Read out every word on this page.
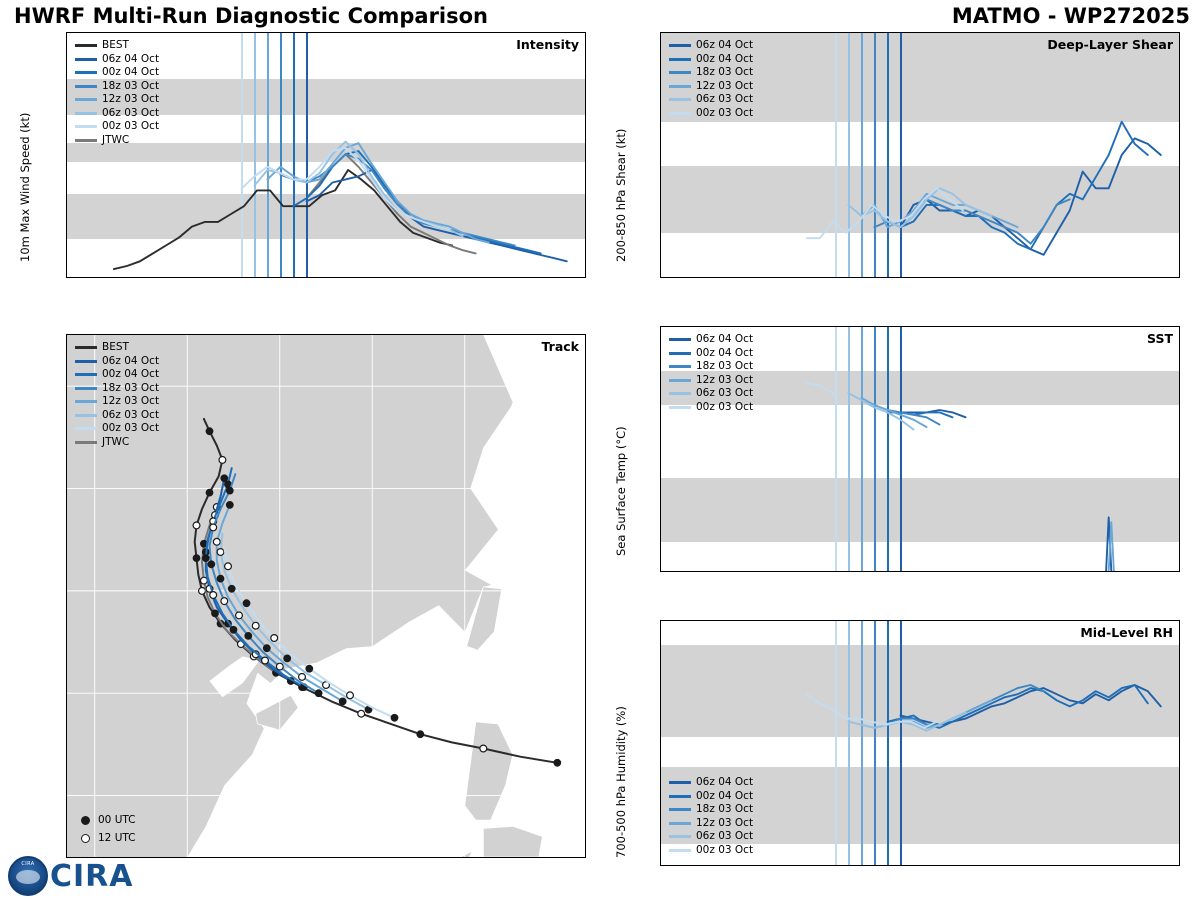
HWRF Multi-Run Diagnostic Comparison	MATMO - WP272025
Intensity
BEST
06z 04 Oct
00z 04 Oct
18z 03 Oct
12z 03 Oct
06z 03 Oct
00z 03 Oct
JTWC
10m Max Wind Speed (kt)
Track
BEST
06z 04 Oct
00z 04 Oct
18z 03 Oct
12z 03 Oct
06z 03 Oct
00z 03 Oct
JTWC
00 UTC
12 UTC
Deep-Layer Shear
06z 04 Oct
00z 04 Oct
18z 03 Oct
12z 03 Oct
06z 03 Oct
00z 03 Oct
200-850 hPa Shear (kt)
SST
06z 04 Oct
00z 04 Oct
18z 03 Oct
12z 03 Oct
06z 03 Oct
00z 03 Oct
Sea Surface Temp (°C)
Mid-Level RH
06z 04 Oct
00z 04 Oct
18z 03 Oct
12z 03 Oct
06z 03 Oct
00z 03 Oct
700-500 hPa Humidity (%)
CIRA CIRA
